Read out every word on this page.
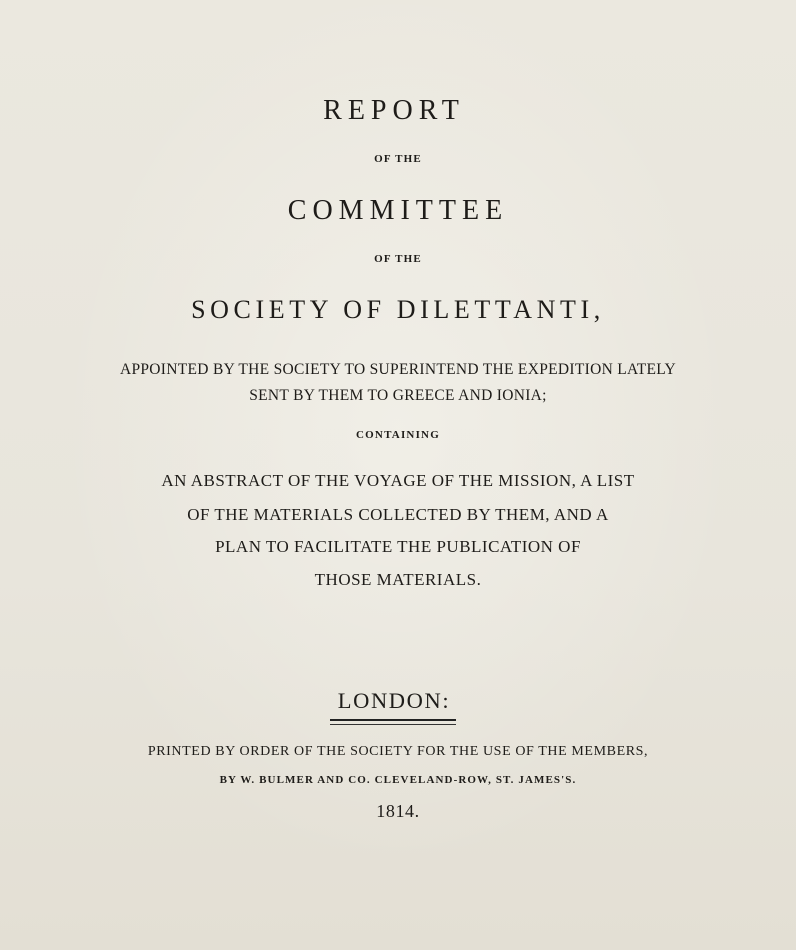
REPORT
OF THE
COMMITTEE
OF THE
SOCIETY OF DILETTANTI,
APPOINTED BY THE SOCIETY TO SUPERINTEND THE EXPEDITION LATELY
SENT BY THEM TO GREECE AND IONIA;
CONTAINING
AN ABSTRACT OF THE VOYAGE OF THE MISSION, A LIST
OF THE MATERIALS COLLECTED BY THEM, AND A
PLAN TO FACILITATE THE PUBLICATION OF
THOSE MATERIALS.
LONDON:
PRINTED BY ORDER OF THE SOCIETY FOR THE USE OF THE MEMBERS,
BY W. BULMER AND CO. CLEVELAND-ROW, ST. JAMES'S.
1814.
